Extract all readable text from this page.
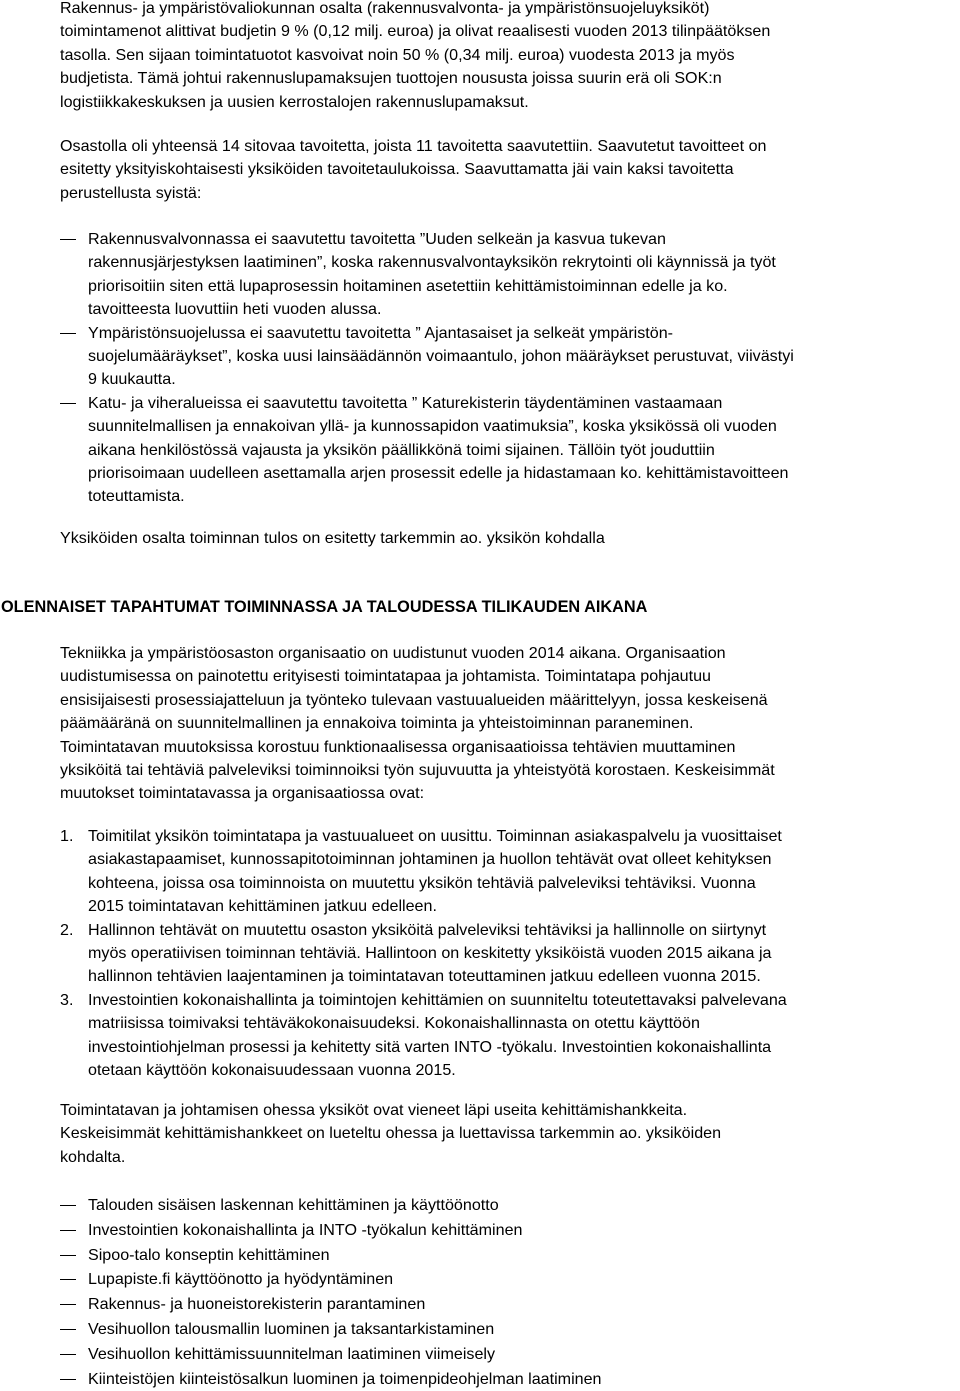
Rakennus- ja ympäristövaliokunnan osalta (rakennusvalvonta- ja ympäristönsuojeluyksiköt)
toimintamenot alittivat budjetin 9 % (0,12 milj. euroa) ja olivat reaalisesti vuoden 2013 tilinpäätöksen
tasolla. Sen sijaan toimintatuotot kasvoivat noin 50 % (0,34 milj. euroa) vuodesta 2013 ja myös
budjetista. Tämä johtui rakennuslupamaksujen tuottojen noususta joissa suurin erä oli SOK:n
logistiikkakeskuksen ja uusien kerrostalojen rakennuslupamaksut.

Osastolla oli yhteensä 14 sitovaa tavoitetta, joista 11 tavoitetta saavutettiin. Saavutetut tavoitteet on
esitetty yksityiskohtaisesti yksiköiden tavoitetaulukoissa. Saavuttamatta jäi vain kaksi tavoitetta
perustellusta syistä:

Rakennusvalvonnassa ei saavutettu tavoitetta ”Uuden selkeän ja kasvua tukevan
rakennusjärjestyksen laatiminen”, koska rakennusvalvontayksikön rekrytointi oli käynnissä ja työt
priorisoitiin siten että lupaprosessin hoitaminen asetettiin kehittämistoiminnan edelle ja ko.
tavoitteesta luovuttiin heti vuoden alussa.
Ympäristönsuojelussa ei saavutettu tavoitetta ” Ajantasaiset ja selkeät ympäristön-
suojelumääräykset”, koska uusi lainsäädännön voimaantulo, johon määräykset perustuvat, viivästyi
9 kuukautta.
Katu- ja viheralueissa ei saavutettu tavoitetta ” Katurekisterin täydentäminen vastaamaan
suunnitelmallisen ja ennakoivan yllä- ja kunnossapidon vaatimuksia”, koska yksikössä oli vuoden
aikana henkilöstössä vajausta ja yksikön päällikkönä toimi sijainen. Tällöin työt jouduttiin
priorisoimaan uudelleen asettamalla arjen prosessit edelle ja hidastamaan ko. kehittämistavoitteen
toteuttamista.

Yksiköiden osalta toiminnan tulos on esitetty tarkemmin ao. yksikön kohdalla

OLENNAISET TAPAHTUMAT TOIMINNASSA JA TALOUDESSA TILIKAUDEN AIKANA

Tekniikka ja ympäristöosaston organisaatio on uudistunut vuoden 2014 aikana. Organisaation
uudistumisessa on painotettu erityisesti toimintatapaa ja johtamista. Toimintatapa pohjautuu
ensisijaisesti prosessiajatteluun ja työnteko tulevaan vastuualueiden määrittelyyn, jossa keskeisenä
päämääränä on suunnitelmallinen ja ennakoiva toiminta ja yhteistoiminnan paraneminen.
Toimintatavan muutoksissa korostuu funktionaalisessa organisaatioissa tehtävien muuttaminen
yksiköitä tai tehtäviä palveleviksi toiminnoiksi työn sujuvuutta ja yhteistyötä korostaen. Keskeisimmät
muutokset toimintatavassa ja organisaatiossa ovat:

1. Toimitilat yksikön toimintatapa ja vastuualueet on uusittu. Toiminnan asiakaspalvelu ja vuosittaiset
asiakastapaamiset, kunnossapitotoiminnan johtaminen ja huollon tehtävät ovat olleet kehityksen
kohteena, joissa osa toiminnoista on muutettu yksikön tehtäviä palveleviksi tehtäviksi. Vuonna
2015 toimintatavan kehittäminen jatkuu edelleen.
2. Hallinnon tehtävät on muutettu osaston yksiköitä palveleviksi tehtäviksi ja hallinnolle on siirtynyt
myös operatiivisen toiminnan tehtäviä. Hallintoon on keskitetty yksiköistä vuoden 2015 aikana ja
hallinnon tehtävien laajentaminen ja toimintatavan toteuttaminen jatkuu edelleen vuonna 2015.
3. Investointien kokonaishallinta ja toimintojen kehittämien on suunniteltu toteutettavaksi palvelevana
matriisissa toimivaksi tehtäväkokonaisuudeksi. Kokonaishallinnasta on otettu käyttöön
investointiohjelman prosessi ja kehitetty sitä varten INTO -työkalu. Investointien kokonaishallinta
otetaan käyttöön kokonaisuudessaan vuonna 2015.

Toimintatavan ja johtamisen ohessa yksiköt ovat vieneet läpi useita kehittämishankkeita.
Keskeisimmät kehittämishankkeet on lueteltu ohessa ja luettavissa tarkemmin ao. yksiköiden
kohdalta.

Talouden sisäisen laskennan kehittäminen ja käyttöönotto
Investointien kokonaishallinta ja INTO -työkalun kehittäminen
Sipoo-talo konseptin kehittäminen
Lupapiste.fi käyttöönotto ja hyödyntäminen
Rakennus- ja huoneistorekisterin parantaminen
Vesihuollon talousmallin luominen ja taksantarkistaminen
Vesihuollon kehittämissuunnitelman laatiminen viimeisely
Kiinteistöjen kiinteistösalkun luominen ja toimenpideohjelman laatiminen
